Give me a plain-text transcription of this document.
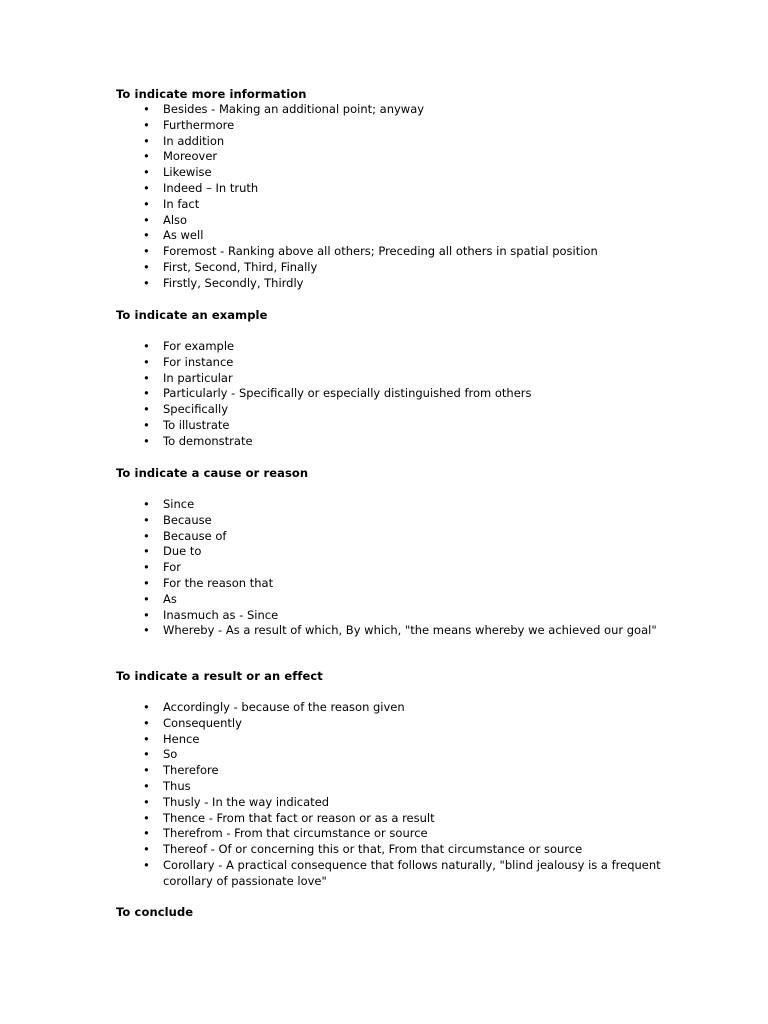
To indicate more information
• Besides - Making an additional point; anyway
• Furthermore
• In addition
• Moreover
• Likewise
• Indeed – In truth
• In fact
• Also
• As well
• Foremost - Ranking above all others; Preceding all others in spatial position
• First, Second, Third, Finally
• Firstly, Secondly, Thirdly
To indicate an example
• For example
• For instance
• In particular
• Particularly - Specifically or especially distinguished from others
• Specifically
• To illustrate
• To demonstrate
To indicate a cause or reason
• Since
• Because
• Because of
• Due to
• For
• For the reason that
• As
• Inasmuch as - Since
• Whereby - As a result of which, By which, "the means whereby we achieved our goal"
To indicate a result or an effect
• Accordingly - because of the reason given
• Consequently
• Hence
• So
• Therefore
• Thus
• Thusly - In the way indicated
• Thence - From that fact or reason or as a result
• Therefrom - From that circumstance or source
• Thereof - Of or concerning this or that, From that circumstance or source
• Corollary - A practical consequence that follows naturally, "blind jealousy is a frequent corollary of passionate love"
To conclude
